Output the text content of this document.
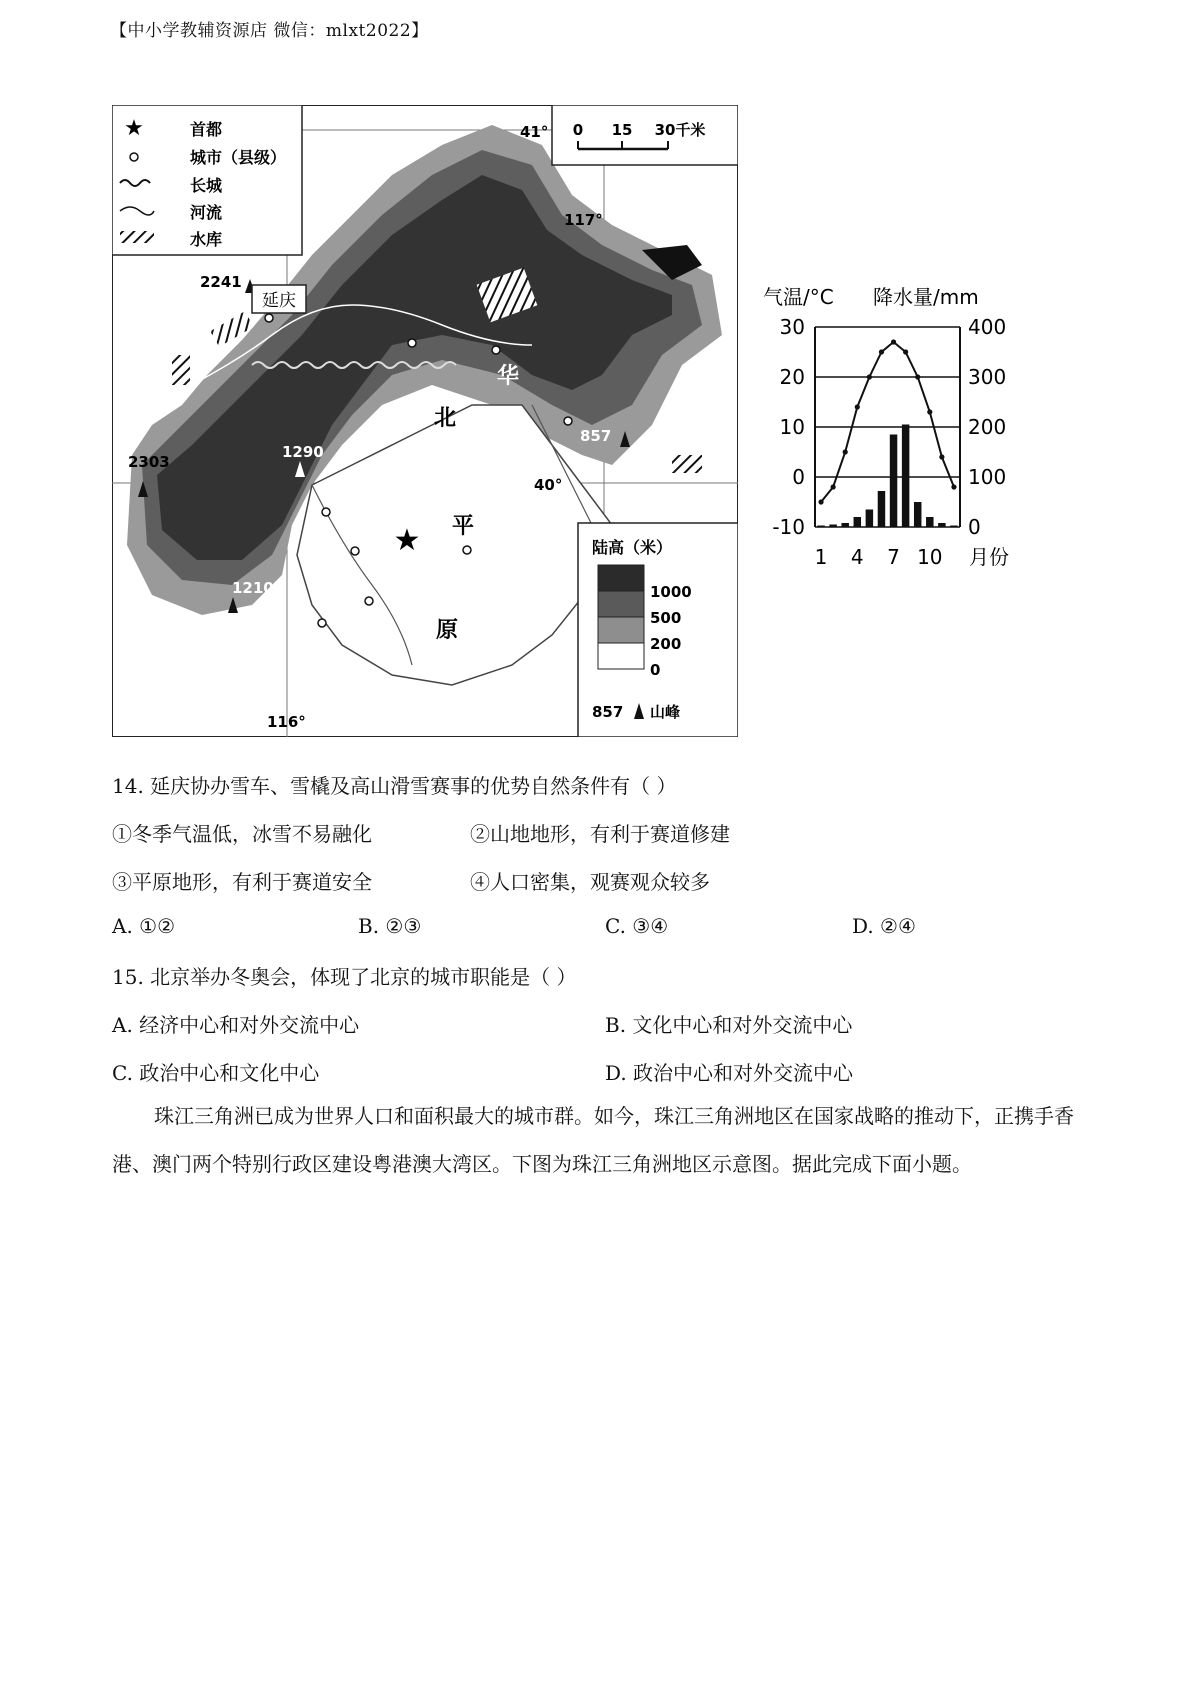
【中小学教辅资源店 微信：mlxt2022】
★	首都
城市（县级）
长城
河流
水库
0 15 30千米
41°
40°
117°
116°
2241
2303
1290
1210
857
延庆
★
华
北
平
原
陆高（米）
1000
500
200
0
857 山峰
气温/°C 降水量/mm
30
20
10
0
-10
400
300
200
100
0
1 4 7 10 月份
14. 延庆协办雪车、雪橇及高山滑雪赛事的优势自然条件有（ ）
①冬季气温低，冰雪不易融化	②山地地形，有利于赛道修建
③平原地形，有利于赛道安全	④人口密集，观赛观众较多
A. ①②	B. ②③	C. ③④	D. ②④
15. 北京举办冬奥会，体现了北京的城市职能是（ ）
A. 经济中心和对外交流中心	B. 文化中心和对外交流中心
C. 政治中心和文化中心	D. 政治中心和对外交流中心
珠江三角洲已成为世界人口和面积最大的城市群。如今，珠江三角洲地区在国家战略的推动下，正携手香港、澳门两个特别行政区建设粤港澳大湾区。下图为珠江三角洲地区示意图。据此完成下面小题。
